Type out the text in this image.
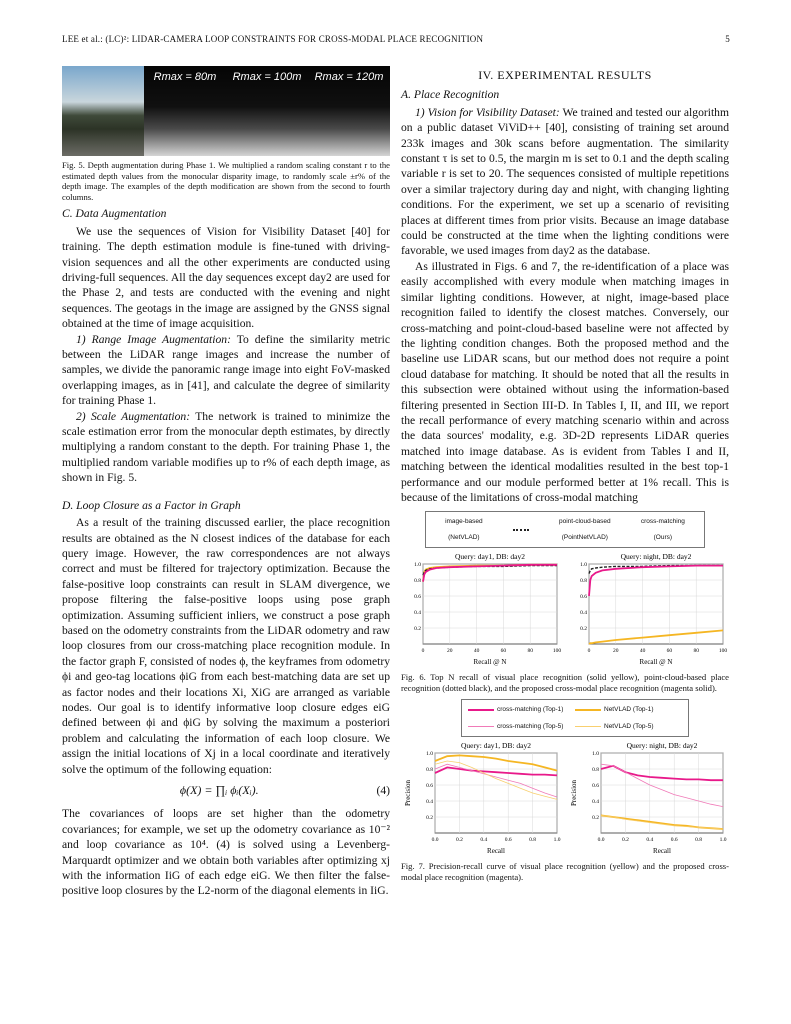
LEE et al.: (LC)²: LIDAR-CAMERA LOOP CONSTRAINTS FOR CROSS-MODAL PLACE RECOGNITION	5
Rmax = 80m	Rmax = 100m	Rmax = 120m

Fig. 5. Depth augmentation during Phase 1. We multiplied a random scaling constant r to the estimated depth values from the monocular disparity image, to randomly scale ±r% of the depth image. The examples of the depth modification are shown from the second to fourth columns.

C. Data Augmentation

We use the sequences of Vision for Visibility Dataset [40] for training. The depth estimation module is fine-tuned with driving-vision sequences and all the other experiments are conducted using driving-full sequences. All the day sequences except day2 are used for the Phase 2, and tests are conducted with the evening and night sequences. The geotags in the image are assigned by the GNSS signal obtained at the time of image acquisition.

1) Range Image Augmentation: To define the similarity metric between the LiDAR range images and increase the number of samples, we divide the panoramic range image into eight FoV-masked overlapping images, as in [41], and calculate the degree of similarity for training Phase 1.

2) Scale Augmentation: The network is trained to minimize the scale estimation error from the monocular depth estimates, by directly multiplying a random constant to the depth. For training Phase 1, the multiplied random variable modifies up to r% of each depth image, as shown in Fig. 5.

D. Loop Closure as a Factor in Graph

As a result of the training discussed earlier, the place recognition results are obtained as the N closest indices of the database for each query image. However, the raw correspondences are not always correct and must be filtered for trajectory optimization. Because the false-positive loop constraints can result in SLAM divergence, we propose filtering the false-positive loops using pose graph optimization. Assuming sufficient inliers, we construct a pose graph based on the odometry constraints from the LiDAR odometry and raw loop closures from our cross-matching place recognition module. In the factor graph F, consisted of nodes ϕ, the keyframes from odometry ϕi and geo-tag locations ϕiG from each best-matching data are set up as factor nodes and their locations Xi, XiG are arranged as variable nodes. Our goal is to identify informative loop closure edges eiG defined between ϕi and ϕiG by solving the maximum a posteriori problem and calculating the information of each loop closure. We assign the initial locations of Xj in a local coordinate and iteratively solve the optimum of the following equation:

ϕ(X) = ∏ᵢ ϕᵢ(Xᵢ).	(4)

The covariances of loops are set higher than the odometry covariances; for example, we set up the odometry covariance as 10⁻² and loop covariance as 10⁴. (4) is solved using a Levenberg-Marquardt optimizer and we obtain both variables after optimizing xj with the information IiG of each edge eiG. We then filter the false-positive loop closures by the L2-norm of the diagonal elements in IiG.

IV. EXPERIMENTAL RESULTS
A. Place Recognition

1) Vision for Visibility Dataset: We trained and tested our algorithm on a public dataset ViViD++ [40], consisting of training set around 233k images and 30k scans before augmentation. The similarity constant τ is set to 0.5, the margin m is set to 0.1 and the depth scaling variable r is set to 20. The sequences consisted of multiple repetitions over a similar trajectory during day and night, with changing lighting conditions. For the experiment, we set up a scenario of revisiting places at different times from prior visits. Because an image database could be constructed at the time when the lighting conditions were favorable, we used images from day2 as the database.

As illustrated in Figs. 6 and 7, the re-identification of a place was easily accomplished with every module when matching images in similar lighting conditions. However, at night, image-based place recognition failed to identify the closest matches. Conversely, our cross-matching and point-cloud-based baseline were not affected by the lighting condition changes. Both the proposed method and the baseline use LiDAR scans, but our method does not require a point cloud database for matching. It should be noted that all the results in this subsection were obtained without using the information-based filtering presented in Section III-D. In Tables I, II, and III, we report the recall performance of every matching scenario within and across the data sources' modality, e.g. 3D-2D represents LiDAR queries matched into image database. As is evident from Tables I and II, matching between the identical modalities resulted in the best top-1 performance and our module performed better at 1% recall. This is because of the limitations of cross-modal matching

image-based
(NetVLAD)
point-cloud-based
(PointNetVLAD)
cross-matching
(Ours)
Query: day1, DB: day2
0.2
0.4
0.6
0.8
1.0
0	20	40	60	80	100
Recall @ N
Query: night, DB: day2
0.2
0.4
0.6
0.8
1.0
0	20	40	60	80	100
Recall @ N

Fig. 6. Top N recall of visual place recognition (solid yellow), point-cloud-based place recognition (dotted black), and the proposed cross-modal place recognition (magenta solid).

cross-matching (Top-1)	NetVLAD (Top-1)
cross-matching (Top-5)	NetVLAD (Top-5)
Query: day1, DB: day2
0.2
0.4
0.6
0.8
1.0
0.0	0.2	0.4	0.6	0.8	1.0
Recall
Precision
Query: night, DB: day2
0.2
0.4
0.6
0.8
1.0
0.0	0.2	0.4	0.6	0.8	1.0
Recall
Precision

Fig. 7. Precision-recall curve of visual place recognition (yellow) and the proposed cross-modal place recognition (magenta).
